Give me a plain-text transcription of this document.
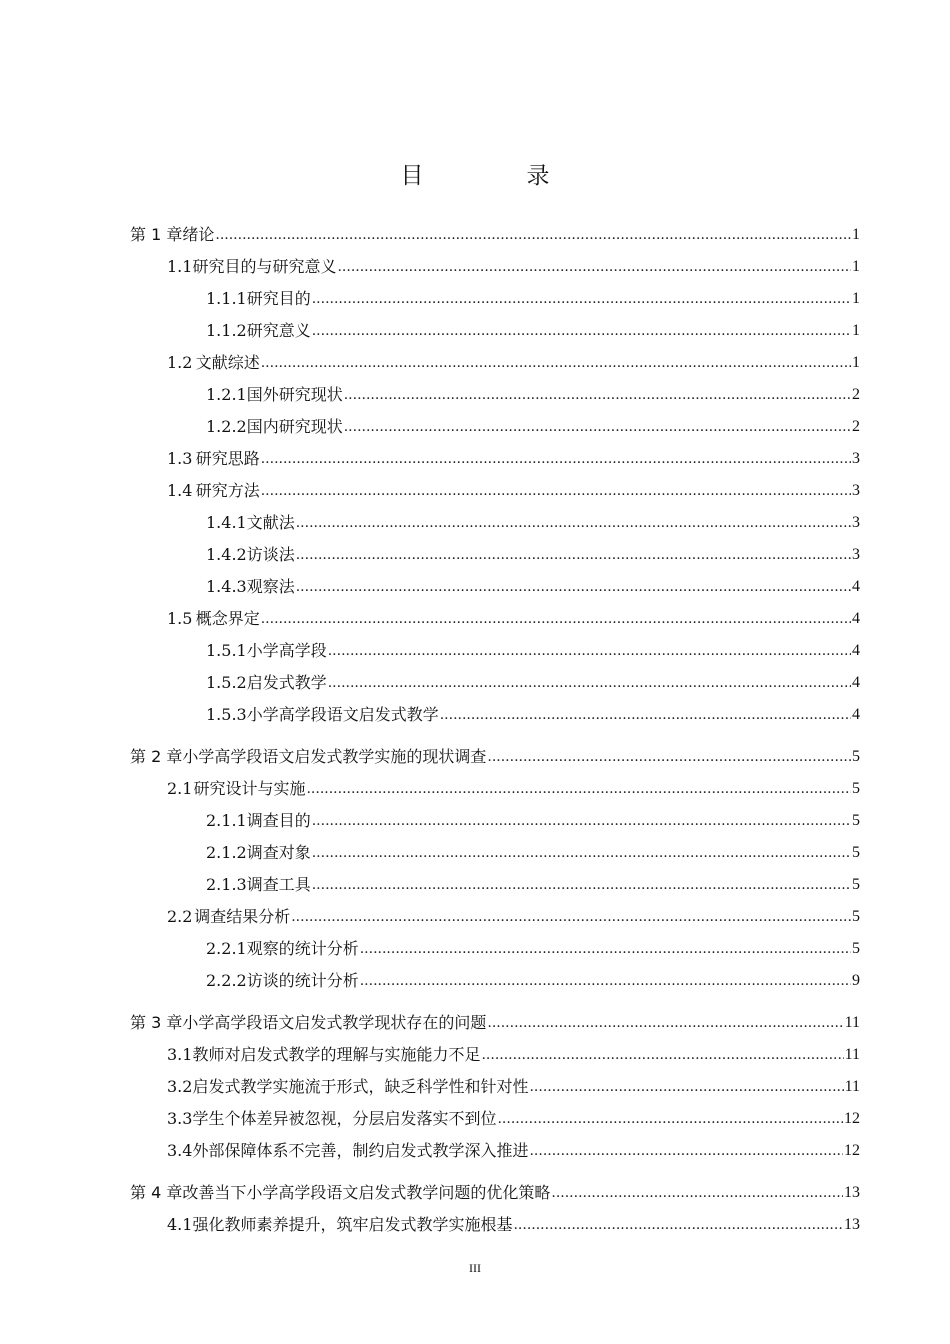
目　录
第 1 章 绪论 .....	1
1.1 研究目的与研究意义 .....	1
1.1.1 研究目的 .....	1
1.1.2 研究意义 .....	1
1.2 文献综述 .....	1
1.2.1 国外研究现状 .....	2
1.2.2 国内研究现状 .....	2
1.3 研究思路 .....	3
1.4 研究方法 .....	3
1.4.1 文献法 .....	3
1.4.2 访谈法 .....	3
1.4.3 观察法 .....	4
1.5 概念界定 .....	4
1.5.1 小学高学段 .....	4
1.5.2 启发式教学 .....	4
1.5.3 小学高学段语文启发式教学 .....	4
第 2 章 小学高学段语文启发式教学实施的现状调查 .....	5
2.1 研究设计与实施 .....	5
2.1.1 调查目的 .....	5
2.1.2 调查对象 .....	5
2.1.3 调查工具 .....	5
2.2 调查结果分析 .....	5
2.2.1 观察的统计分析 .....	5
2.2.2 访谈的统计分析 .....	9
第 3 章 小学高学段语文启发式教学现状存在的问题 .....	11
3.1 教师对启发式教学的理解与实施能力不足 .....	11
3.2 启发式教学实施流于形式，缺乏科学性和针对性 .....	11
3.3 学生个体差异被忽视，分层启发落实不到位 .....	12
3.4 外部保障体系不完善，制约启发式教学深入推进 .....	12
第 4 章 改善当下小学高学段语文启发式教学问题的优化策略 .....	13
4.1 强化教师素养提升，筑牢启发式教学实施根基 .....	13
III
